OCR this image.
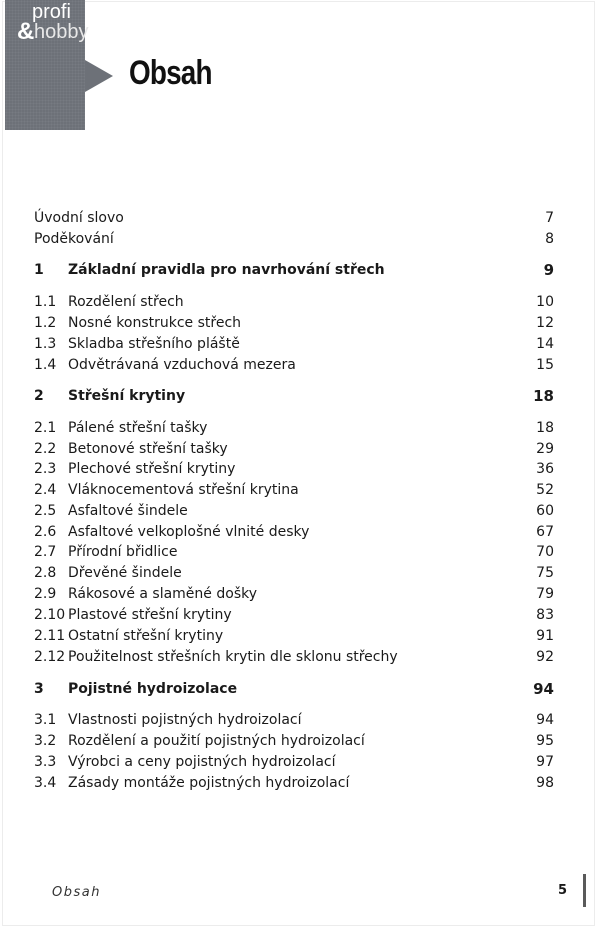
profi
& hobby
Obsah
Úvodní slovo	7
Poděkování	8
1 Základní pravidla pro navrhování střech	9
1.1 Rozdělení střech	10
1.2 Nosné konstrukce střech	12
1.3 Skladba střešního pláště	14
1.4 Odvětrávaná vzduchová mezera	15
2 Střešní krytiny	18
2.1 Pálené střešní tašky	18
2.2 Betonové střešní tašky	29
2.3 Plechové střešní krytiny	36
2.4 Vláknocementová střešní krytina	52
2.5 Asfaltové šindele	60
2.6 Asfaltové velkoplošné vlnité desky	67
2.7 Přírodní břidlice	70
2.8 Dřevěné šindele	75
2.9 Rákosové a slaměné došky	79
2.10 Plastové střešní krytiny	83
2.11 Ostatní střešní krytiny	91
2.12 Použitelnost střešních krytin dle sklonu střechy	92
3 Pojistné hydroizolace	94
3.1 Vlastnosti pojistných hydroizolací	94
3.2 Rozdělení a použití pojistných hydroizolací	95
3.3 Výrobci a ceny pojistných hydroizolací	97
3.4 Zásady montáže pojistných hydroizolací	98
Obsah	5
